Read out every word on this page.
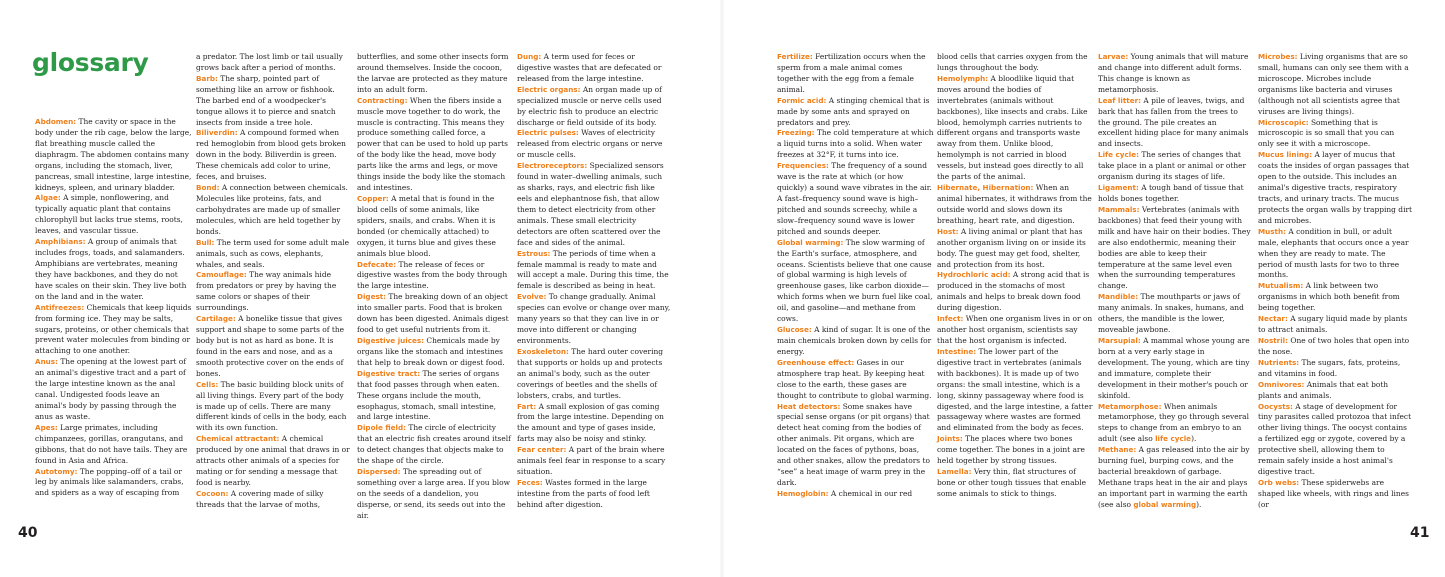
glossary

Abdomen: The cavity or space in the body under the rib cage, below the large, flat breathing muscle called the diaphragm. The abdomen contains many organs, including the stomach, liver, pancreas, small intestine, large intestine, kidneys, spleen, and urinary bladder.

Algae: A simple, nonflowering, and typically aquatic plant that contains chlorophyll but lacks true stems, roots, leaves, and vascular tissue.

Amphibians: A group of animals that includes frogs, toads, and salamanders. Amphibians are vertebrates, meaning they have backbones, and they do not have scales on their skin. They live both on the land and in the water.

Antifreezes: Chemicals that keep liquids from forming ice. They may be salts, sugars, proteins, or other chemicals that prevent water molecules from binding or attaching to one another.

Anus: The opening at the lowest part of an animal's digestive tract and a part of the large intestine known as the anal canal. Undigested foods leave an animal's body by passing through the anus as waste.

Apes: Large primates, including chimpanzees, gorillas, orangutans, and gibbons, that do not have tails. They are found in Asia and Africa.

Autotomy: The popping–off of a tail or leg by animals like salamanders, crabs, and spiders as a way of escaping from

a predator. The lost limb or tail usually grows back after a period of months.

Barb: The sharp, pointed part of something like an arrow or fishhook. The barbed end of a woodpecker's tongue allows it to pierce and snatch insects from inside a tree hole.

Biliverdin: A compound formed when red hemoglobin from blood gets broken down in the body. Biliverdin is green. These chemicals add color to urine, feces, and bruises.

Bond: A connection between chemicals. Molecules like proteins, fats, and carbohydrates are made up of smaller molecules, which are held together by bonds.

Bull: The term used for some adult male animals, such as cows, elephants, whales, and seals.

Camouflage: The way animals hide from predators or prey by having the same colors or shapes of their surroundings.

Cartilage: A bonelike tissue that gives support and shape to some parts of the body but is not as hard as bone. It is found in the ears and nose, and as a smooth protective cover on the ends of bones.

Cells: The basic building block units of all living things. Every part of the body is made up of cells. There are many different kinds of cells in the body, each with its own function.

Chemical attractant: A chemical produced by one animal that draws in or attracts other animals of a species for mating or for sending a message that food is nearby.

Cocoon: A covering made of silky threads that the larvae of moths,

butterflies, and some other insects form around themselves. Inside the cocoon, the larvae are protected as they mature into an adult form.

Contracting: When the fibers inside a muscle move together to do work, the muscle is contracting. This means they produce something called force, a power that can be used to hold up parts of the body like the head, move body parts like the arms and legs, or move things inside the body like the stomach and intestines.

Copper: A metal that is found in the blood cells of some animals, like spiders, snails, and crabs. When it is bonded (or chemically attached) to oxygen, it turns blue and gives these animals blue blood.

Defecate: The release of feces or digestive wastes from the body through the large intestine.

Digest: The breaking down of an object into smaller parts. Food that is broken down has been digested. Animals digest food to get useful nutrients from it.

Digestive juices: Chemicals made by organs like the stomach and intestines that help to break down or digest food.

Digestive tract: The series of organs that food passes through when eaten. These organs include the mouth, esophagus, stomach, small intestine, and large intestine.

Dipole field: The circle of electricity that an electric fish creates around itself to detect changes that objects make to the shape of the circle.

Dispersed: The spreading out of something over a large area. If you blow on the seeds of a dandelion, you disperse, or send, its seeds out into the air.

Dung: A term used for feces or digestive wastes that are defecated or released from the large intestine.

Electric organs: An organ made up of specialized muscle or nerve cells used by electric fish to produce an electric discharge or field outside of its body.

Electric pulses: Waves of electricity released from electric organs or nerve or muscle cells.

Electroreceptors: Specialized sensors found in water–dwelling animals, such as sharks, rays, and electric fish like eels and elephantnose fish, that allow them to detect electricity from other animals. These small electricity detectors are often scattered over the face and sides of the animal.

Estrous: The periods of time when a female mammal is ready to mate and will accept a male. During this time, the female is described as being in heat.

Evolve: To change gradually. Animal species can evolve or change over many, many years so that they can live in or move into different or changing environments.

Exoskeleton: The hard outer covering that supports or holds up and protects an animal's body, such as the outer coverings of beetles and the shells of lobsters, crabs, and turtles.

Fart: A small explosion of gas coming from the large intestine. Depending on the amount and type of gases inside, farts may also be noisy and stinky.

Fear center: A part of the brain where animals feel fear in response to a scary situation.

Feces: Wastes formed in the large intestine from the parts of food left behind after digestion.

Fertilize: Fertilization occurs when the sperm from a male animal comes together with the egg from a female animal.

Formic acid: A stinging chemical that is made by some ants and sprayed on predators and prey.

Freezing: The cold temperature at which a liquid turns into a solid. When water freezes at 32°F, it turns into ice.

Frequencies: The frequency of a sound wave is the rate at which (or how quickly) a sound wave vibrates in the air. A fast–frequency sound wave is high–pitched and sounds screechy, while a slow–frequency sound wave is lower pitched and sounds deeper.

Global warming: The slow warming of the Earth's surface, atmosphere, and oceans. Scientists believe that one cause of global warming is high levels of greenhouse gases, like carbon dioxide—which forms when we burn fuel like coal, oil, and gasoline—and methane from cows.

Glucose: A kind of sugar. It is one of the main chemicals broken down by cells for energy.

Greenhouse effect: Gases in our atmosphere trap heat. By keeping heat close to the earth, these gases are thought to contribute to global warming.

Heat detectors: Some snakes have special sense organs (or pit organs) that detect heat coming from the bodies of other animals. Pit organs, which are located on the faces of pythons, boas, and other snakes, allow the predators to “see” a heat image of warm prey in the dark.

Hemoglobin: A chemical in our red

blood cells that carries oxygen from the lungs throughout the body.

Hemolymph: A bloodlike liquid that moves around the bodies of invertebrates (animals without backbones), like insects and crabs. Like blood, hemolymph carries nutrients to different organs and transports waste away from them. Unlike blood, hemolymph is not carried in blood vessels, but instead goes directly to all the parts of the animal.

Hibernate, Hibernation: When an animal hibernates, it withdraws from the outside world and slows down its breathing, heart rate, and digestion.

Host: A living animal or plant that has another organism living on or inside its body. The guest may get food, shelter, and protection from its host.

Hydrochloric acid: A strong acid that is produced in the stomachs of most animals and helps to break down food during digestion.

Infect: When one organism lives in or on another host organism, scientists say that the host organism is infected.

Intestine: The lower part of the digestive tract in vertebrates (animals with backbones). It is made up of two organs: the small intestine, which is a long, skinny passageway where food is digested, and the large intestine, a fatter passageway where wastes are formed and eliminated from the body as feces.

Joints: The places where two bones come together. The bones in a joint are held together by strong tissues.

Lamella: Very thin, flat structures of bone or other tough tissues that enable some animals to stick to things.

Larvae: Young animals that will mature and change into different adult forms. This change is known as metamorphosis.

Leaf litter: A pile of leaves, twigs, and bark that has fallen from the trees to the ground. The pile creates an excellent hiding place for many animals and insects.

Life cycle: The series of changes that take place in a plant or animal or other organism during its stages of life.

Ligament: A tough band of tissue that holds bones together.

Mammals: Vertebrates (animals with backbones) that feed their young with milk and have hair on their bodies. They are also endothermic, meaning their bodies are able to keep their temperature at the same level even when the surrounding temperatures change.

Mandible: The mouthparts or jaws of many animals. In snakes, humans, and others, the mandible is the lower, moveable jawbone.

Marsupial: A mammal whose young are born at a very early stage in development. The young, which are tiny and immature, complete their development in their mother's pouch or skinfold.

Metamorphose: When animals metamorphose, they go through several steps to change from an embryo to an adult (see also life cycle).

Methane: A gas released into the air by burning fuel, burping cows, and the bacterial breakdown of garbage. Methane traps heat in the air and plays an important part in warming the earth (see also global warming).

Microbes: Living organisms that are so small, humans can only see them with a microscope. Microbes include organisms like bacteria and viruses (although not all scientists agree that viruses are living things).

Microscopic: Something that is microscopic is so small that you can only see it with a microscope.

Mucus lining: A layer of mucus that coats the insides of organ passages that open to the outside. This includes an animal's digestive tracts, respiratory tracts, and urinary tracts. The mucus protects the organ walls by trapping dirt and microbes.

Musth: A condition in bull, or adult male, elephants that occurs once a year when they are ready to mate. The period of musth lasts for two to three months.

Mutualism: A link between two organisms in which both benefit from being together.

Nectar: A sugary liquid made by plants to attract animals.

Nostril: One of two holes that open into the nose.

Nutrients: The sugars, fats, proteins, and vitamins in food.

Omnivores: Animals that eat both plants and animals.

Oocysts: A stage of development for tiny parasites called protozoa that infect other living things. The oocyst contains a fertilized egg or zygote, covered by a protective shell, allowing them to remain safely inside a host animal's digestive tract.

Orb webs: These spiderwebs are shaped like wheels, with rings and lines (or

40	41
